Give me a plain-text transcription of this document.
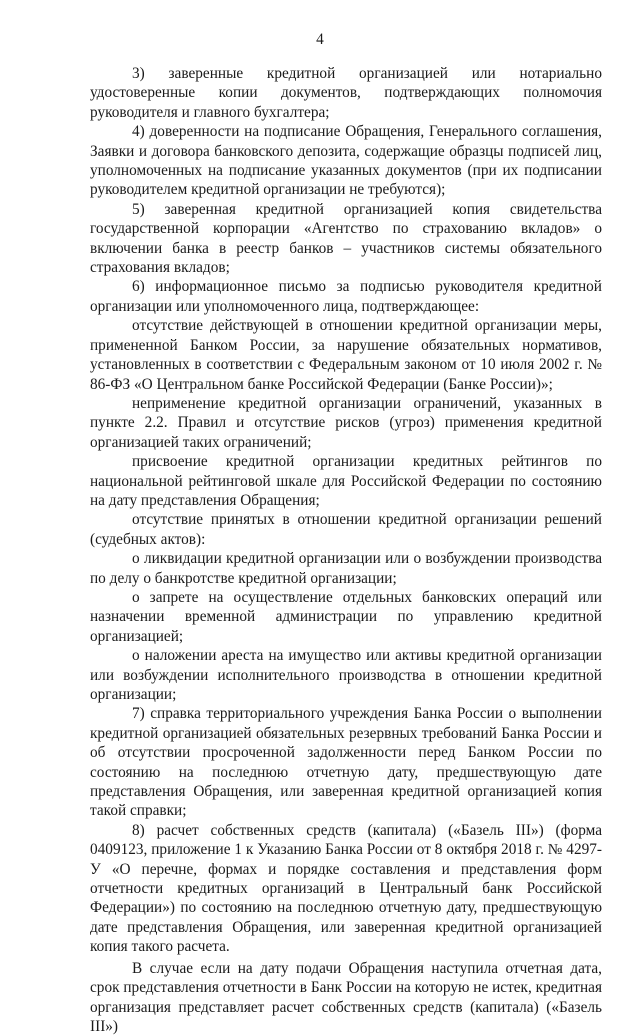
4

3) заверенные кредитной организацией или нотариально удостоверенные копии документов, подтверждающих полномочия руководителя и главного бухгалтера;

4) доверенности на подписание Обращения, Генерального соглашения, Заявки и договора банковского депозита, содержащие образцы подписей лиц, уполномоченных на подписание указанных документов (при их подписании руководителем кредитной организации не требуются);

5) заверенная кредитной организацией копия свидетельства государственной корпорации «Агентство по страхованию вкладов» о включении банка в реестр банков – участников системы обязательного страхования вкладов;

6) информационное письмо за подписью руководителя кредитной организации или уполномоченного лица, подтверждающее:

отсутствие действующей в отношении кредитной организации меры, примененной Банком России, за нарушение обязательных нормативов, установленных в соответствии с Федеральным законом от 10 июля 2002 г. № 86-ФЗ «О Центральном банке Российской Федерации (Банке России)»;

неприменение кредитной организации ограничений, указанных в пункте 2.2. Правил и отсутствие рисков (угроз) применения кредитной организацией таких ограничений;

присвоение кредитной организации кредитных рейтингов по национальной рейтинговой шкале для Российской Федерации по состоянию на дату представления Обращения;

отсутствие принятых в отношении кредитной организации решений (судебных актов):

о ликвидации кредитной организации или о возбуждении производства по делу о банкротстве кредитной организации;

о запрете на осуществление отдельных банковских операций или назначении временной администрации по управлению кредитной организацией;

о наложении ареста на имущество или активы кредитной организации или возбуждении исполнительного производства в отношении кредитной организации;

7) справка территориального учреждения Банка России о выполнении кредитной организацией обязательных резервных требований Банка России и об отсутствии просроченной задолженности перед Банком России по состоянию на последнюю отчетную дату, предшествующую дате представления Обращения, или заверенная кредитной организацией копия такой справки;

8) расчет собственных средств (капитала) («Базель III») (форма 0409123, приложение 1 к Указанию Банка России от 8 октября 2018 г. № 4297-У «О перечне, формах и порядке составления и представления форм отчетности кредитных организаций в Центральный банк Российской Федерации») по состоянию на последнюю отчетную дату, предшествующую дате представления Обращения, или заверенная кредитной организацией копия такого расчета.

В случае если на дату подачи Обращения наступила отчетная дата, срок представления отчетности в Банк России на которую не истек, кредитная организация представляет расчет собственных средств (капитала) («Базель III»)
